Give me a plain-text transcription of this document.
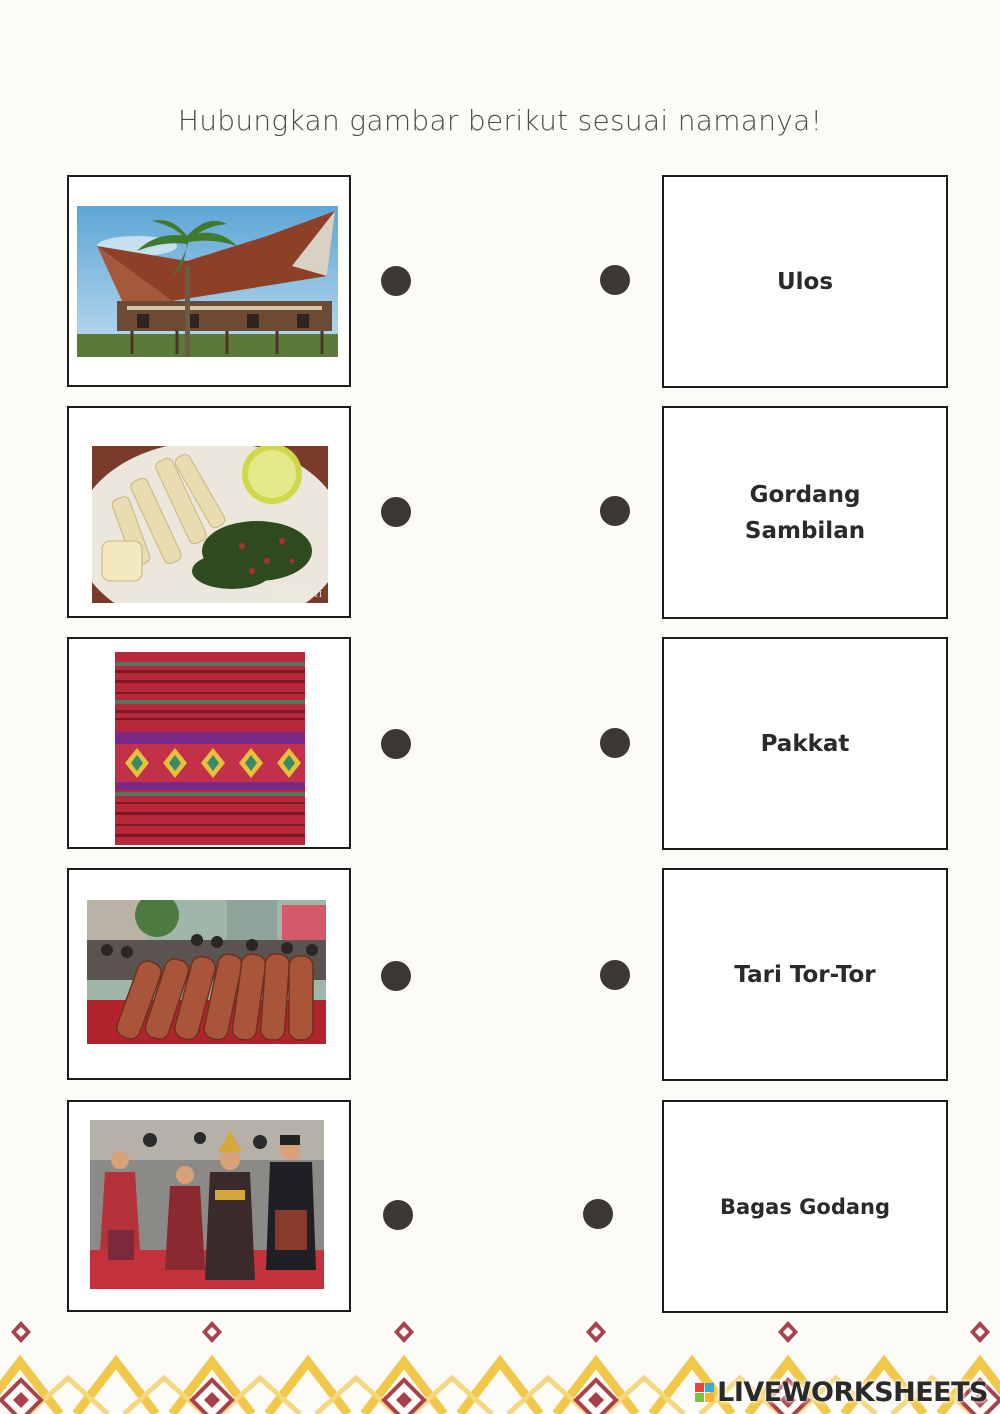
Hubungkan gambar berikut sesuai namanya!
SARASVATI
Ulos
Gordang Sambilan
Pakkat
Tari Tor-Tor
Bagas Godang
LIVEWORKSHEETS
